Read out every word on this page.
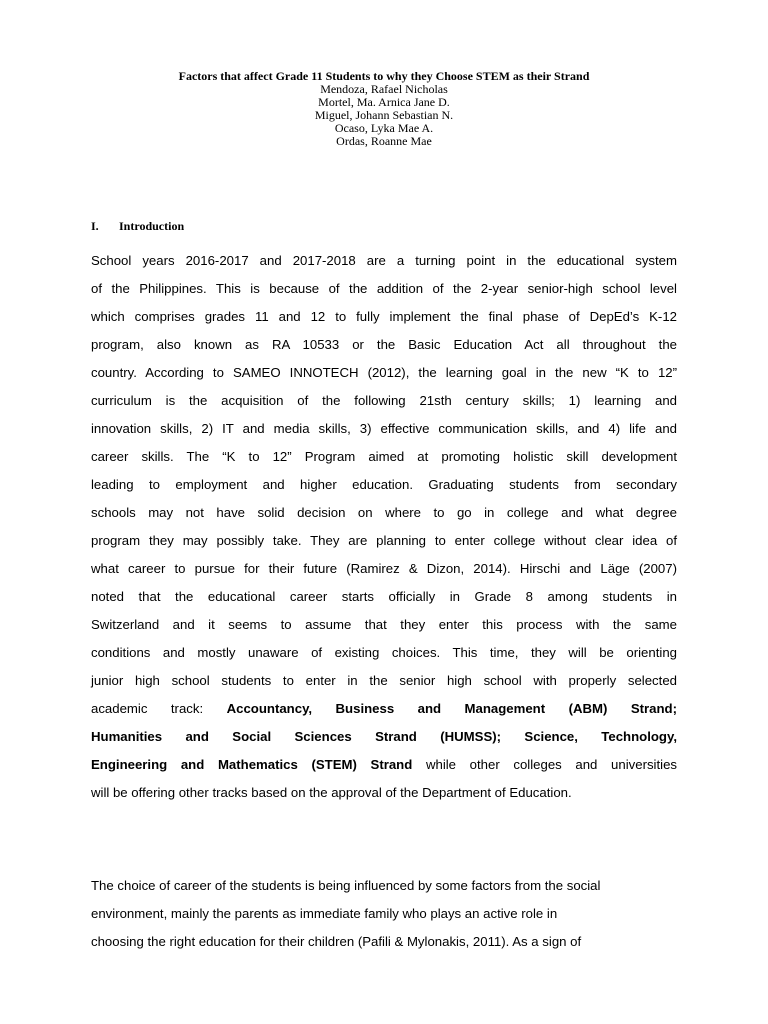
Factors that affect Grade 11 Students to why they Choose STEM as their Strand

Mendoza, Rafael Nicholas

Mortel, Ma. Arnica Jane D.

Miguel, Johann Sebastian N.

Ocaso, Lyka Mae A.

Ordas, Roanne Mae

I. Introduction
School years 2016-2017 and 2017-2018 are a turning point in the educational system
of the Philippines. This is because of the addition of the 2-year senior-high school level
which comprises grades 11 and 12 to fully implement the final phase of DepEd’s K-12
program, also known as RA 10533 or the Basic Education Act all throughout the
country. According to SAMEO INNOTECH (2012), the learning goal in the new “K to 12”
curriculum is the acquisition of the following 21sth century skills; 1) learning and
innovation skills, 2) IT and media skills, 3) effective communication skills, and 4) life and
career skills. The “K to 12” Program aimed at promoting holistic skill development
leading to employment and higher education. Graduating students from secondary
schools may not have solid decision on where to go in college and what degree
program they may possibly take. They are planning to enter college without clear idea of
what career to pursue for their future (Ramirez & Dizon, 2014). Hirschi and Läge (2007)
noted that the educational career starts officially in Grade 8 among students in
Switzerland and it seems to assume that they enter this process with the same
conditions and mostly unaware of existing choices. This time, they will be orienting
junior high school students to enter in the senior high school with properly selected
academic track: Accountancy, Business and Management (ABM) Strand;
Humanities and Social Sciences Strand (HUMSS); Science, Technology,
Engineering and Mathematics (STEM) Strand while other colleges and universities
will be offering other tracks based on the approval of the Department of Education.
The choice of career of the students is being influenced by some factors from the social
environment, mainly the parents as immediate family who plays an active role in
choosing the right education for their children (Pafili & Mylonakis, 2011). As a sign of
